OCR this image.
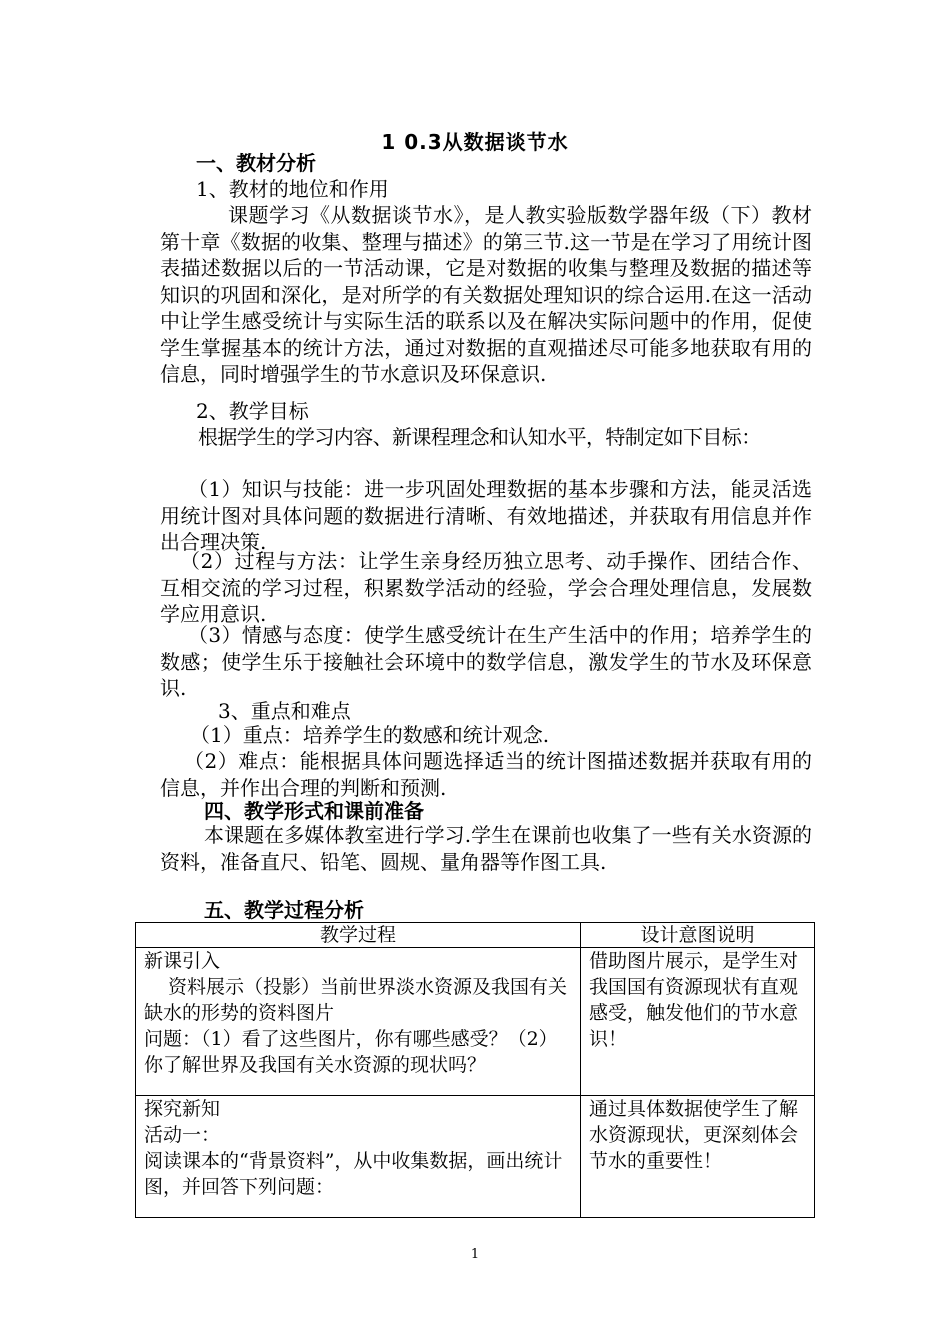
1 0.3从数据谈节水
一、教材分析
1、教材的地位和作用
课题学习《从数据谈节水》，是人教实验版数学器年级（下）教材第十章《数据的收集、整理与描述》的第三节.这一节是在学习了用统计图表描述数据以后的一节活动课，它是对数据的收集与整理及数据的描述等知识的巩固和深化，是对所学的有关数据处理知识的综合运用.在这一活动中让学生感受统计与实际生活的联系以及在解决实际问题中的作用，促使学生掌握基本的统计方法，通过对数据的直观描述尽可能多地获取有用的信息，同时增强学生的节水意识及环保意识.
2、教学目标
根据学生的学习内容、新课程理念和认知水平，特制定如下目标：
（1）知识与技能：进一步巩固处理数据的基本步骤和方法，能灵活选用统计图对具体问题的数据进行清晰、有效地描述，并获取有用信息并作出合理决策.
（2）过程与方法：让学生亲身经历独立思考、动手操作、团结合作、互相交流的学习过程，积累数学活动的经验，学会合理处理信息，发展数学应用意识.
（3）情感与态度：使学生感受统计在生产生活中的作用；培养学生的数感；使学生乐于接触社会环境中的数学信息，激发学生的节水及环保意识.
3、重点和难点
（1）重点：培养学生的数感和统计观念.
（2）难点：能根据具体问题选择适当的统计图描述数据并获取有用的信息，并作出合理的判断和预测.
四、教学形式和课前准备
本课题在多媒体教室进行学习.学生在课前也收集了一些有关水资源的资料，准备直尺、铅笔、圆规、量角器等作图工具.
五、教学过程分析
教学过程	设计意图说明

新课引入
资料展示（投影）当前世界淡水资源及我国有关缺水的形势的资料图片
问题：（1）看了这些图片，你有哪些感受？（2）你了解世界及我国有关水资源的现状吗？	借助图片展示，是学生对我国国有资源现状有直观感受，触发他们的节水意识！

探究新知
活动一：
阅读课本的“背景资料”，从中收集数据，画出统计图，并回答下列问题：	通过具体数据使学生了解水资源现状，更深刻体会节水的重要性！
1
